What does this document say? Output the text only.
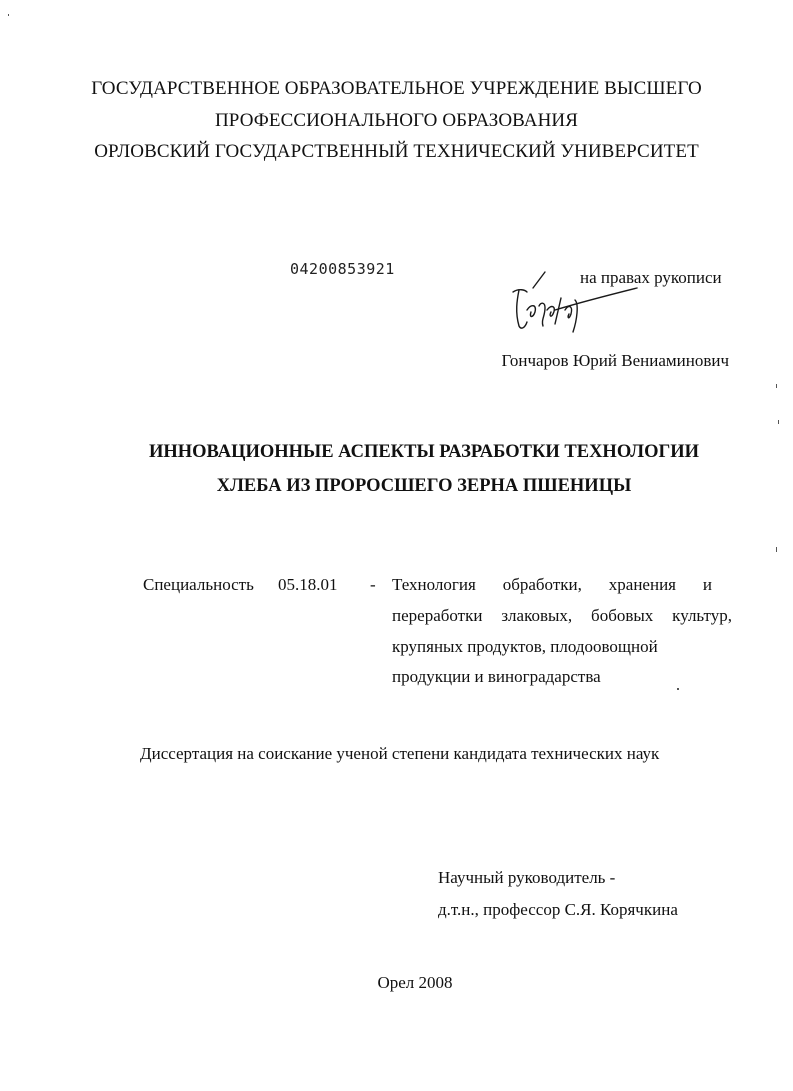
ГОСУДАРСТВЕННОЕ ОБРАЗОВАТЕЛЬНОЕ УЧРЕЖДЕНИЕ ВЫСШЕГО
ПРОФЕССИОНАЛЬНОГО ОБРАЗОВАНИЯ
ОРЛОВСКИЙ ГОСУДАРСТВЕННЫЙ ТЕХНИЧЕСКИЙ УНИВЕРСИТЕТ
04200853921	на правах рукописи
Гончаров Юрий Вениаминович
ИННОВАЦИОННЫЕ АСПЕКТЫ РАЗРАБОТКИ ТЕХНОЛОГИИ
ХЛЕБА ИЗ ПРОРОСШЕГО ЗЕРНА ПШЕНИЦЫ
Специальность 05.18.01 - Технология обработки, хранения и
переработки злаковых, бобовых культур,
крупяных продуктов, плодоовощной
продукции и виноградарства
Диссертация на соискание ученой степени кандидата технических наук
Научный руководитель -
д.т.н., профессор С.Я. Корячкина
Орел 2008
